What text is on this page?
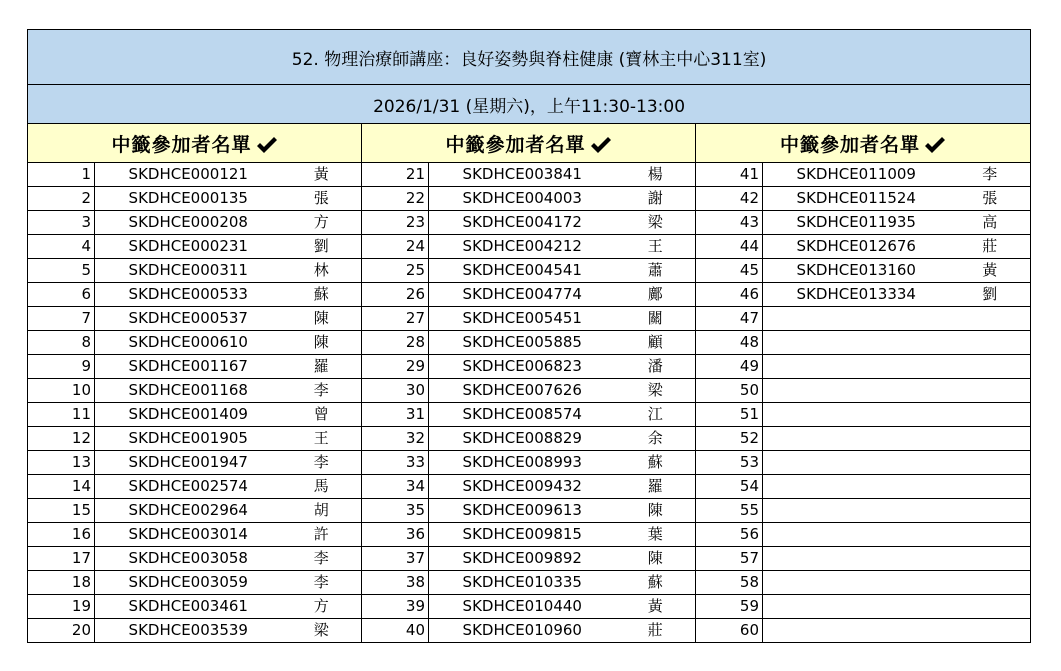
52. 物理治療師講座：良好姿勢與脊柱健康 (寶林主中心311室)								
2026/1/31 (星期六)，上午11:30-13:00								
中籤參加者名單			中籤參加者名單			中籤參加者名單		
1	SKDHCE000121	黃	21	SKDHCE003841	楊	41	SKDHCE011009	李
2	SKDHCE000135	張	22	SKDHCE004003	謝	42	SKDHCE011524	張
3	SKDHCE000208	方	23	SKDHCE004172	梁	43	SKDHCE011935	高
4	SKDHCE000231	劉	24	SKDHCE004212	王	44	SKDHCE012676	莊
5	SKDHCE000311	林	25	SKDHCE004541	蕭	45	SKDHCE013160	黃
6	SKDHCE000533	蘇	26	SKDHCE004774	鄺	46	SKDHCE013334	劉
7	SKDHCE000537	陳	27	SKDHCE005451	關	47		
8	SKDHCE000610	陳	28	SKDHCE005885	顧	48		
9	SKDHCE001167	羅	29	SKDHCE006823	潘	49		
10	SKDHCE001168	李	30	SKDHCE007626	梁	50		
11	SKDHCE001409	曾	31	SKDHCE008574	江	51		
12	SKDHCE001905	王	32	SKDHCE008829	余	52		
13	SKDHCE001947	李	33	SKDHCE008993	蘇	53		
14	SKDHCE002574	馬	34	SKDHCE009432	羅	54		
15	SKDHCE002964	胡	35	SKDHCE009613	陳	55		
16	SKDHCE003014	許	36	SKDHCE009815	葉	56		
17	SKDHCE003058	李	37	SKDHCE009892	陳	57		
18	SKDHCE003059	李	38	SKDHCE010335	蘇	58		
19	SKDHCE003461	方	39	SKDHCE010440	黃	59		
20	SKDHCE003539	梁	40	SKDHCE010960	莊	60		
